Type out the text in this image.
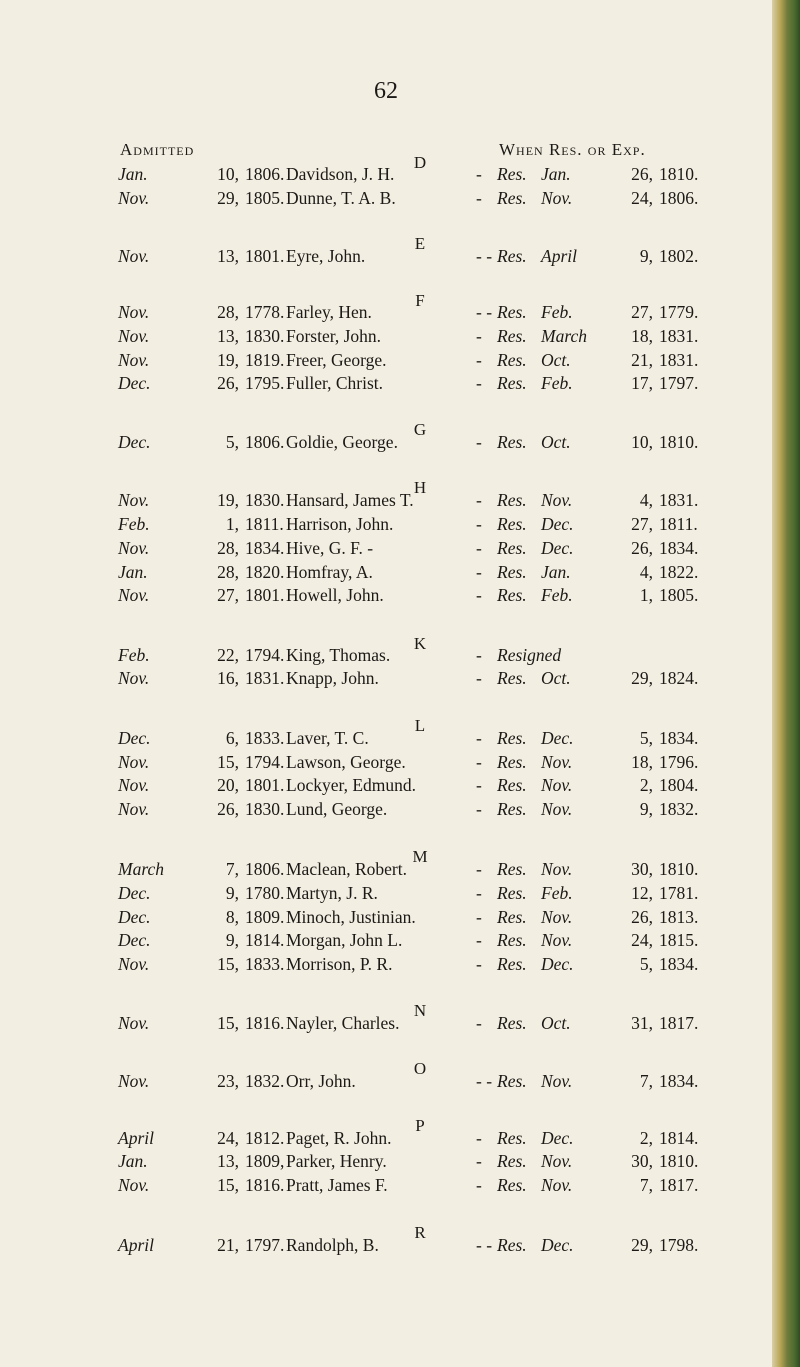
62
Admitted	When Res. or Exp.
D
Jan.	10, 1806. Davidson, J. H.	- Res. Jan.	26, 1810.
Nov.	29, 1805. Dunne, T. A. B.	- Res. Nov.	24, 1806.
E
Nov.	13, 1801. Eyre, John.	- - Res. April	9, 1802.
F
Nov.	28, 1778. Farley, Hen.	- - Res. Feb.	27, 1779.
Nov.	13, 1830. Forster, John.	- Res. March	18, 1831.
Nov.	19, 1819. Freer, George.	- Res. Oct.	21, 1831.
Dec.	26, 1795. Fuller, Christ.	- Res. Feb.	17, 1797.
G
Dec.	5, 1806. Goldie, George.	- Res. Oct.	10, 1810.
H
Nov.	19, 1830. Hansard, James T.	- Res. Nov.	4, 1831.
Feb.	1, 1811. Harrison, John.	- Res. Dec.	27, 1811.
Nov.	28, 1834. Hive, G. F. -	- Res. Dec.	26, 1834.
Jan.	28, 1820. Homfray, A.	- Res. Jan.	4, 1822.
Nov.	27, 1801. Howell, John.	- Res. Feb.	1, 1805.
K
Feb.	22, 1794. King, Thomas.	- Resigned
Nov.	16, 1831. Knapp, John.	- Res. Oct.	29, 1824.
L
Dec.	6, 1833. Laver, T. C.	- Res. Dec.	5, 1834.
Nov.	15, 1794. Lawson, George.	- Res. Nov.	18, 1796.
Nov.	20, 1801. Lockyer, Edmund.	- Res. Nov.	2, 1804.
Nov.	26, 1830. Lund, George.	- Res. Nov.	9, 1832.
M
March	7, 1806. Maclean, Robert.	- Res. Nov.	30, 1810.
Dec.	9, 1780. Martyn, J. R.	- Res. Feb.	12, 1781.
Dec.	8, 1809. Minoch, Justinian.	- Res. Nov.	26, 1813.
Dec.	9, 1814. Morgan, John L.	- Res. Nov.	24, 1815.
Nov.	15, 1833. Morrison, P. R.	- Res. Dec.	5, 1834.
N
Nov.	15, 1816. Nayler, Charles.	- Res. Oct.	31, 1817.
O
Nov.	23, 1832. Orr, John.	- - Res. Nov.	7, 1834.
P
April	24, 1812. Paget, R. John.	- Res. Dec.	2, 1814.
Jan.	13, 1809, Parker, Henry.	- Res. Nov.	30, 1810.
Nov.	15, 1816. Pratt, James F.	- Res. Nov.	7, 1817.
R
April	21, 1797. Randolph, B.	- - Res. Dec.	29, 1798.
